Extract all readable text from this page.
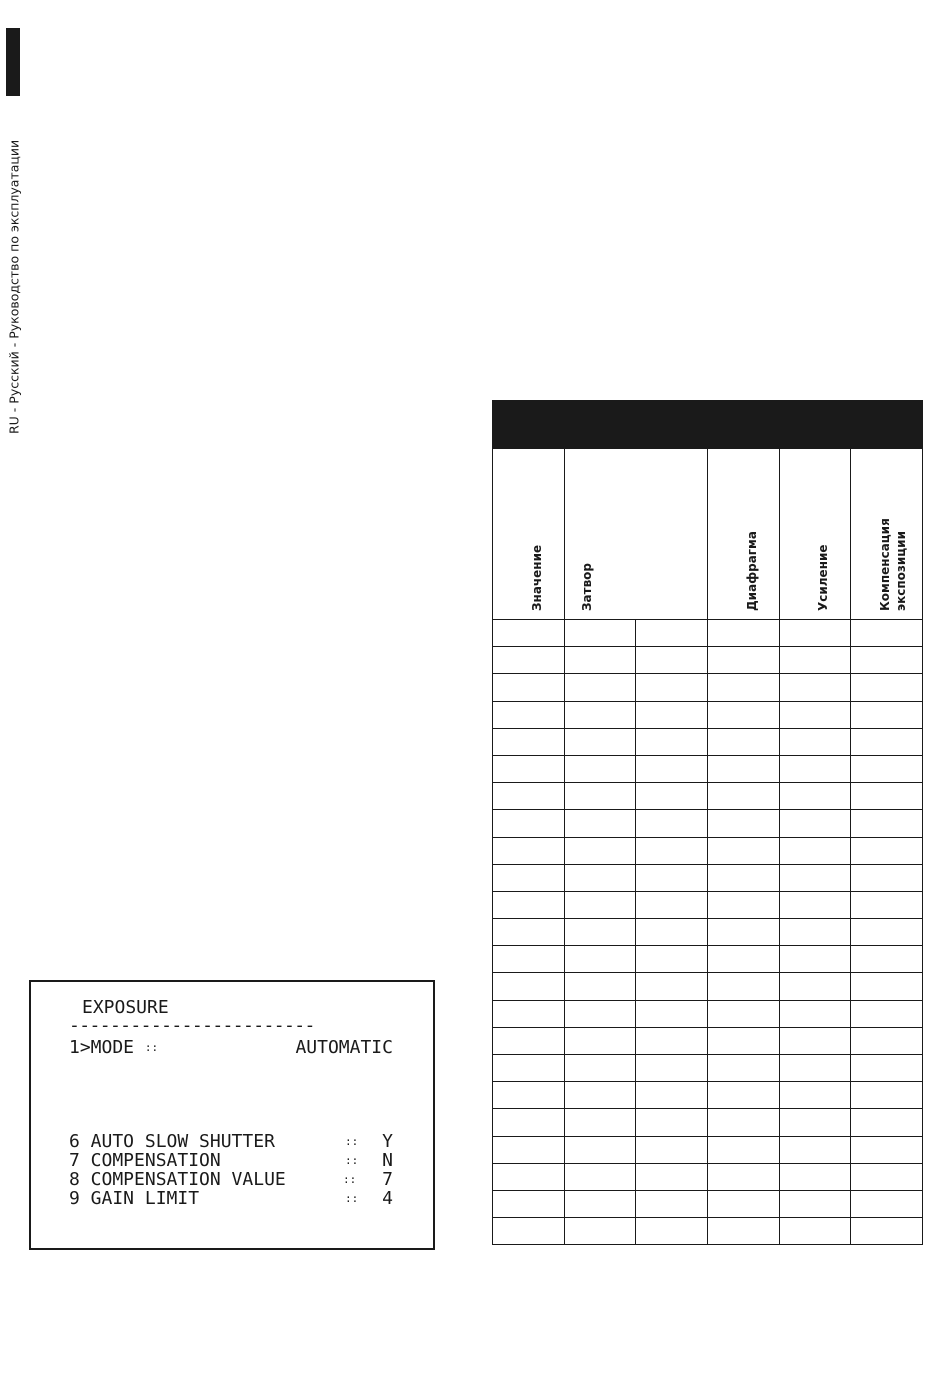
RU - Русский - Руководство по эксплуатации
EXPOSURE
------------------------
1>MODE ::	AUTOMATIC
6 AUTO SLOW SHUTTER	:: Y
7 COMPENSATION	:: N
8 COMPENSATION VALUE	:: 7
9 GAIN LIMIT	:: 4

Значение	Затвор		Диафрагма	Усиление	Компенсация экспозиции
